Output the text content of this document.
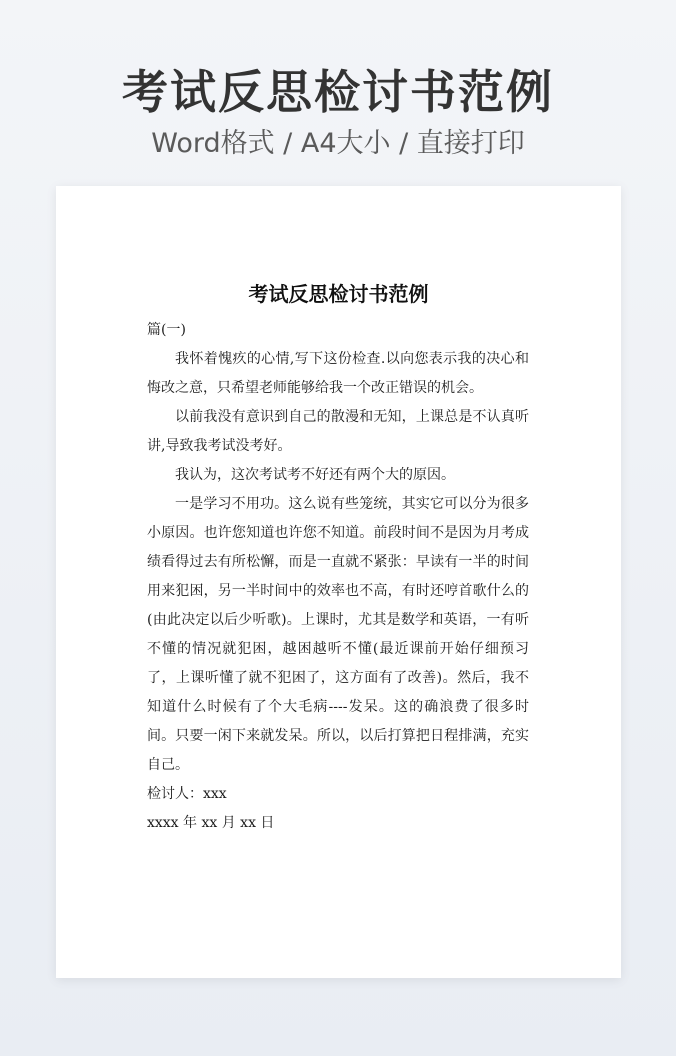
考试反思检讨书范例
Word格式 / A4大小 / 直接打印
考试反思检讨书范例

篇(一)

我怀着愧疚的心情,写下这份检查.以向您表示我的决心和悔改之意，只希望老师能够给我一个改正错误的机会。

以前我没有意识到自己的散漫和无知，上课总是不认真听讲,导致我考试没考好。

我认为，这次考试考不好还有两个大的原因。

一是学习不用功。这么说有些笼统，其实它可以分为很多小原因。也许您知道也许您不知道。前段时间不是因为月考成绩看得过去有所松懈，而是一直就不紧张：早读有一半的时间用来犯困，另一半时间中的效率也不高，有时还哼首歌什么的(由此决定以后少听歌)。上课时，尤其是数学和英语，一有听不懂的情况就犯困，越困越听不懂(最近课前开始仔细预习了，上课听懂了就不犯困了，这方面有了改善)。然后，我不知道什么时候有了个大毛病----发呆。这的确浪费了很多时间。只要一闲下来就发呆。所以，以后打算把日程排满，充实自己。

检讨人：xxx

xxxx 年 xx 月 xx 日
